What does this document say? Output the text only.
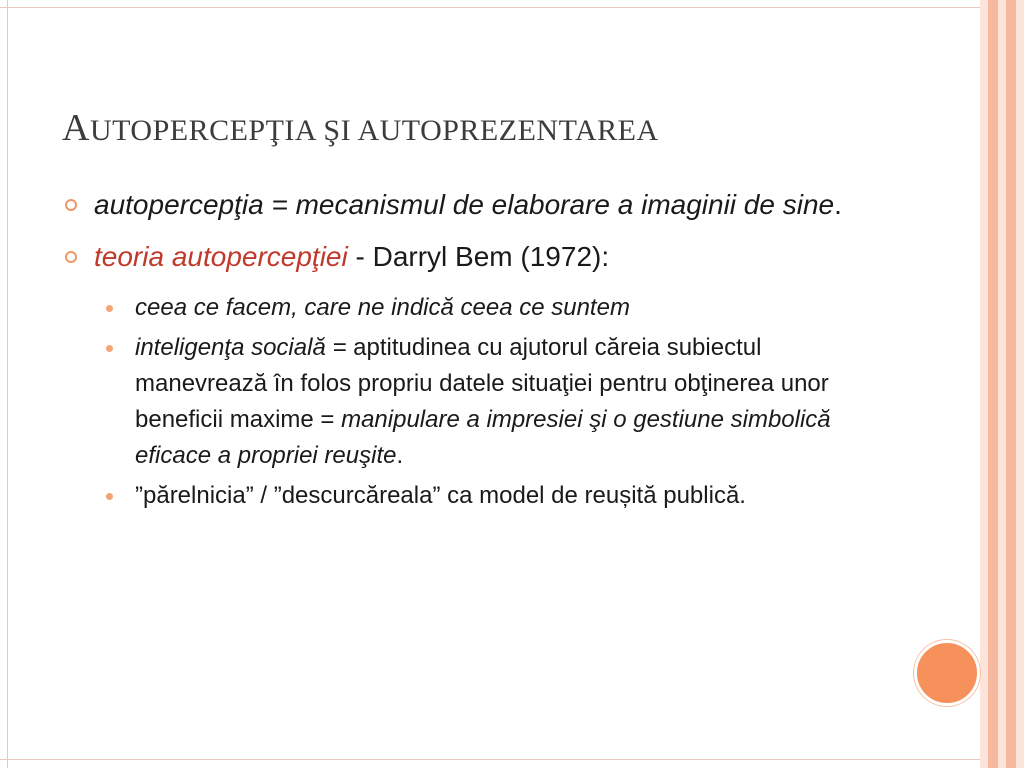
AUTOPERCEPŢIA ŞI AUTOPREZENTAREA
autopercepţia = mecanismul de elaborare a imaginii de sine.
teoria autopercepţiei - Darryl Bem (1972):
ceea ce facem, care ne indică ceea ce suntem
inteligenţa socială = aptitudinea cu ajutorul căreia subiectul manevrează în folos propriu datele situaţiei pentru obţinerea unor beneficii maxime = manipulare a impresiei şi o gestiune simbolică eficace a propriei reuşite.
”părelnicia” / ”descurcăreala” ca model de reușită publică.
